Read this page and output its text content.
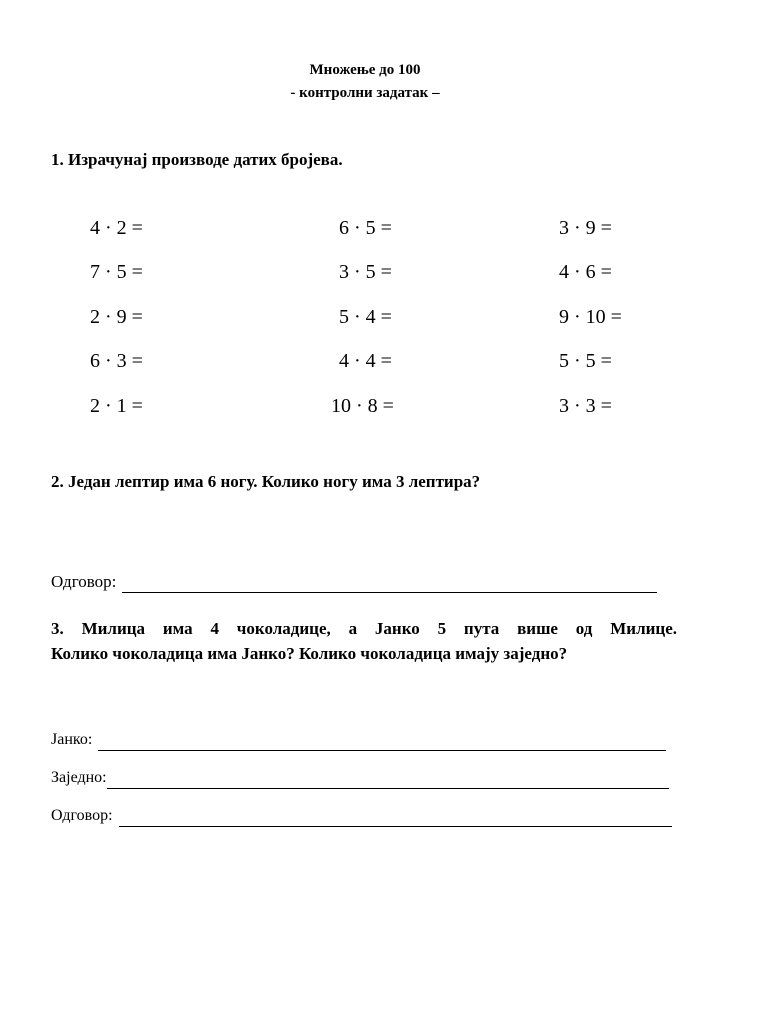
Множење до 100
- контролни задатак –
1. Израчунај производе датих бројева.
4 · 2 =
7 · 5 =
2 · 9 =
6 · 3 =
2 · 1 =
6 · 5 =
3 · 5 =
5 · 4 =
4 · 4 =
10 · 8 =
3 · 9 =
4 · 6 =
9 · 10 =
5 · 5 =
3 · 3 =
2. Један лептир има 6 ногу. Колико ногу има 3 лептира?
Одговор:
3. Милица има 4 чоколадице, а Јанко 5 пута више од Милице.
Колико чоколадица има Јанко? Колико чоколадица имају заједно?
Јанко:
Заједно:
Одговор:
